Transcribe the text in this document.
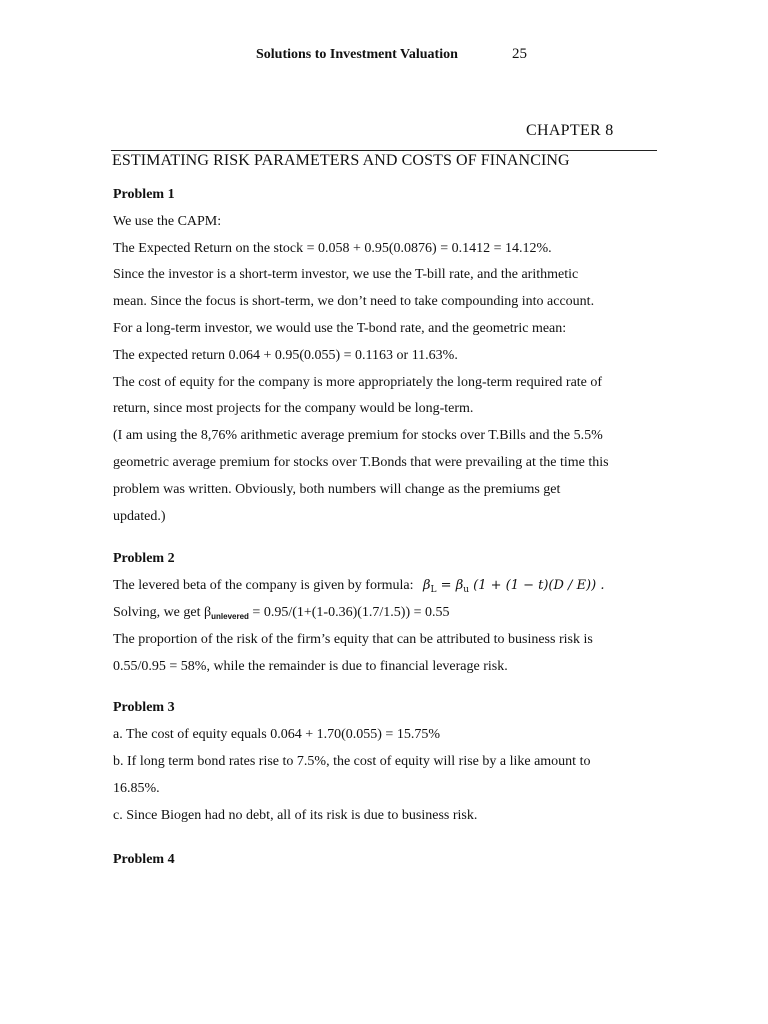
Solutions to Investment Valuation	25
CHAPTER 8
ESTIMATING RISK PARAMETERS AND COSTS OF FINANCING
Problem 1
We use the CAPM:
The Expected Return on the stock = 0.058 + 0.95(0.0876) = 0.1412 = 14.12%.
Since the investor is a short-term investor, we use the T-bill rate, and the arithmetic
mean. Since the focus is short-term, we don’t need to take compounding into account.
For a long-term investor, we would use the T-bond rate, and the geometric mean:
The expected return 0.064 + 0.95(0.055) = 0.1163 or 11.63%.
The cost of equity for the company is more appropriately the long-term required rate of
return, since most projects for the company would be long-term.
(I am using the 8,76% arithmetic average premium for stocks over T.Bills and the 5.5%
geometric average premium for stocks over T.Bonds that were prevailing at the time this
problem was written. Obviously, both numbers will change as the premiums get
updated.)
Problem 2
The levered beta of the company is given by formula: $\beta_L = \beta_u$ (1 + (1 − t)(D / E)) .
Solving, we get $\beta_{unlevered} = 0.95/(1+(1-0.36)(1.7/1.5)) = 0.55$
The proportion of the risk of the firm’s equity that can be attributed to business risk is
0.55/0.95 = 58%, while the remainder is due to financial leverage risk.
Problem 3
a. The cost of equity equals 0.064 + 1.70(0.055) = 15.75%
b. If long term bond rates rise to 7.5%, the cost of equity will rise by a like amount to
16.85%.
c. Since Biogen had no debt, all of its risk is due to business risk.
Problem 4
